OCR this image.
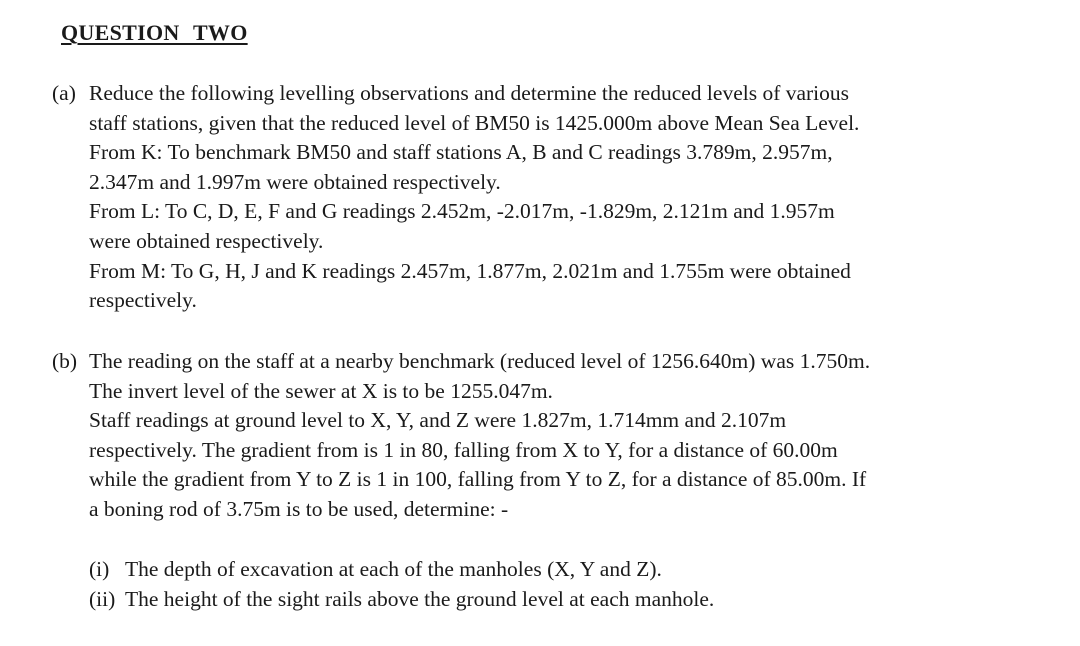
QUESTION TWO
(a) Reduce the following levelling observations and determine the reduced levels of various
staff stations, given that the reduced level of BM50 is 1425.000m above Mean Sea Level.
From K: To benchmark BM50 and staff stations A, B and C readings 3.789m, 2.957m,
2.347m and 1.997m were obtained respectively.
From L: To C, D, E, F and G readings 2.452m, -2.017m, -1.829m, 2.121m and 1.957m
were obtained respectively.
From M: To G, H, J and K readings 2.457m, 1.877m, 2.021m and 1.755m were obtained
respectively.
(b) The reading on the staff at a nearby benchmark (reduced level of 1256.640m) was 1.750m.
The invert level of the sewer at X is to be 1255.047m.
Staff readings at ground level to X, Y, and Z were 1.827m, 1.714mm and 2.107m
respectively. The gradient from is 1 in 80, falling from X to Y, for a distance of 60.00m
while the gradient from Y to Z is 1 in 100, falling from Y to Z, for a distance of 85.00m. If
a boning rod of 3.75m is to be used, determine: -
(i) The depth of excavation at each of the manholes (X, Y and Z).
(ii) The height of the sight rails above the ground level at each manhole.
